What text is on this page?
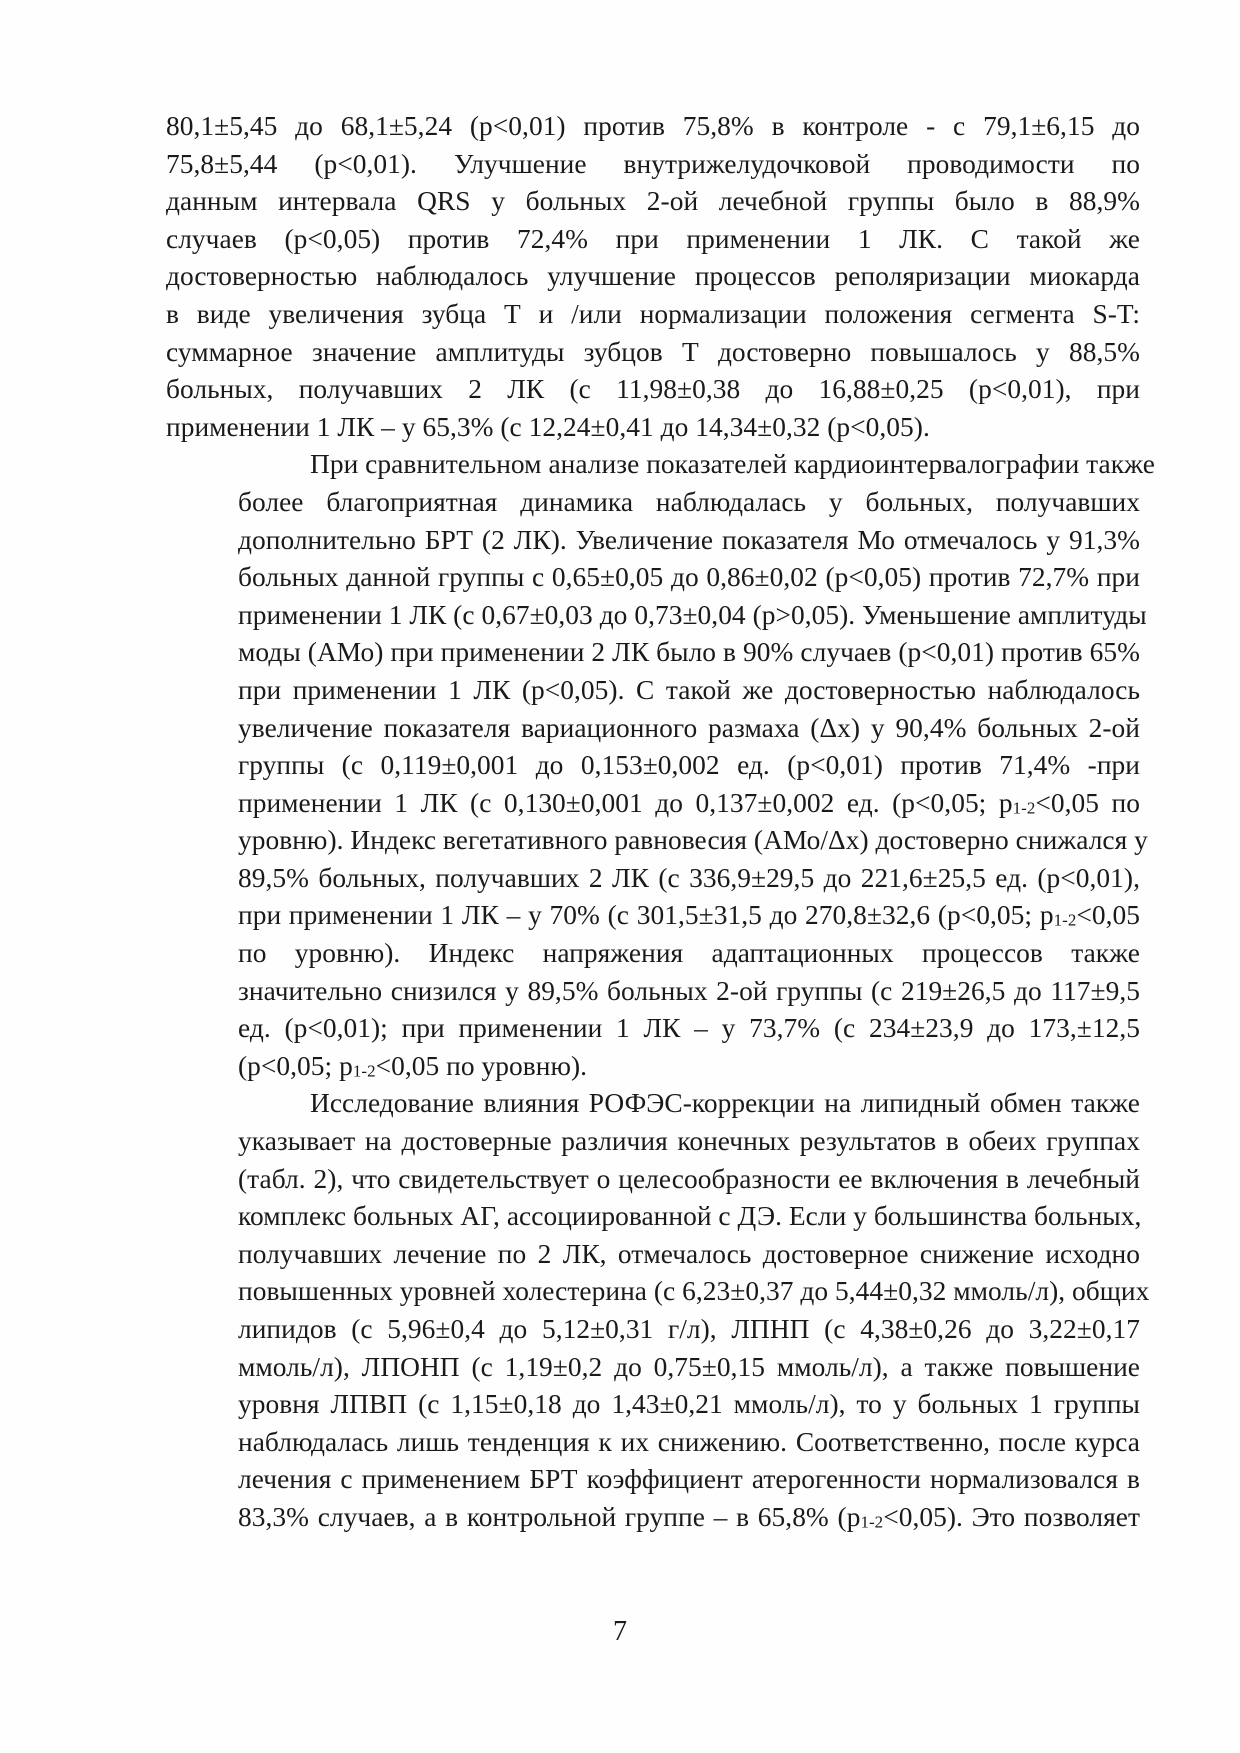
80,1±5,45 до 68,1±5,24 (р<0,01) против 75,8% в контроле - с 79,1±6,15 до
75,8±5,44 (р<0,01). Улучшение внутрижелудочковой проводимости по
данным интервала QRS у больных 2-ой лечебной группы было в 88,9%
случаев (р<0,05) против 72,4% при применении 1 ЛК. С такой же
достоверностью наблюдалось улучшение процессов реполяризации миокарда
в виде увеличения зубца Т и /или нормализации положения сегмента S-T:
суммарное значение амплитуды зубцов Т достоверно повышалось у 88,5%
больных, получавших 2 ЛК (с 11,98±0,38 до 16,88±0,25 (р<0,01), при
применении 1 ЛК – у 65,3% (с 12,24±0,41 до 14,34±0,32 (р<0,05).
При сравнительном анализе показателей кардиоинтервалографии также
более благоприятная динамика наблюдалась у больных, получавших
дополнительно БРТ (2 ЛК). Увеличение показателя Мо отмечалось у 91,3%
больных данной группы с 0,65±0,05 до 0,86±0,02 (р<0,05) против 72,7% при
применении 1 ЛК (с 0,67±0,03 до 0,73±0,04 (р>0,05). Уменьшение амплитуды
моды (АМо) при применении 2 ЛК было в 90% случаев (р<0,01) против 65%
при применении 1 ЛК (р<0,05). С такой же достоверностью наблюдалось
увеличение показателя вариационного размаха (Δх) у 90,4% больных 2-ой
группы (с 0,119±0,001 до 0,153±0,002 ед. (р<0,01) против 71,4% -при
применении 1 ЛК (с 0,130±0,001 до 0,137±0,002 ед. (р<0,05; $р_{1-2}<0,05$ по
уровню). Индекс вегетативного равновесия (АМо/Δх) достоверно снижался у
89,5% больных, получавших 2 ЛК (с 336,9±29,5 до 221,6±25,5 ед. (р<0,01),
при применении 1 ЛК – у 70% (с 301,5±31,5 до 270,8±32,6 (р<0,05; $р_{1-2}<0,05$
по уровню). Индекс напряжения адаптационных процессов также
значительно снизился у 89,5% больных 2-ой группы (с 219±26,5 до 117±9,5
ед. (р<0,01); при применении 1 ЛК – у 73,7% (с 234±23,9 до 173,±12,5
(р<0,05; $р_{1-2}<0,05$ по уровню).
Исследование влияния РОФЭС-коррекции на липидный обмен также
указывает на достоверные различия конечных результатов в обеих группах
(табл. 2), что свидетельствует о целесообразности ее включения в лечебный
комплекс больных АГ, ассоциированной с ДЭ. Если у большинства больных,
получавших лечение по 2 ЛК, отмечалось достоверное снижение исходно
повышенных уровней холестерина (с 6,23±0,37 до 5,44±0,32 ммоль/л), общих
липидов (с 5,96±0,4 до 5,12±0,31 г/л), ЛПНП (с 4,38±0,26 до 3,22±0,17
ммоль/л), ЛПОНП (с 1,19±0,2 до 0,75±0,15 ммоль/л), а также повышение
уровня ЛПВП (с 1,15±0,18 до 1,43±0,21 ммоль/л), то у больных 1 группы
наблюдалась лишь тенденция к их снижению. Соответственно, после курса
лечения с применением БРТ коэффициент атерогенности нормализовался в
83,3% случаев, а в контрольной группе – в 65,8% $(р_{1-2}<0,05)$. Это позволяет
7
